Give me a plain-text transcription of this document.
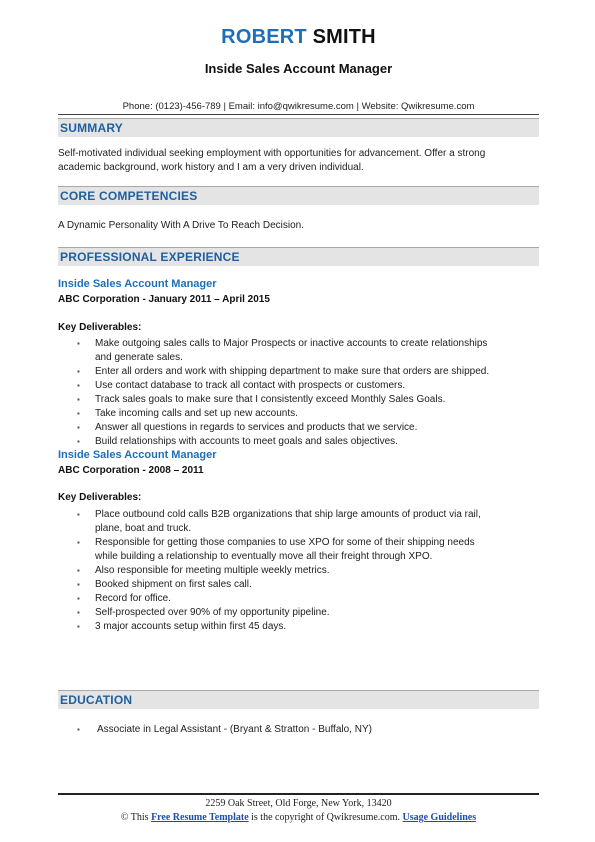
ROBERT SMITH
Inside Sales Account Manager
Phone: (0123)-456-789 | Email: info@qwikresume.com | Website: Qwikresume.com
SUMMARY
Self-motivated individual seeking employment with opportunities for advancement. Offer a strong
academic background, work history and I am a very driven individual.
CORE COMPETENCIES
A Dynamic Personality With A Drive To Reach Decision.
PROFESSIONAL EXPERIENCE
Inside Sales Account Manager
ABC Corporation - January 2011 – April 2015
Key Deliverables:
▪ Make outgoing sales calls to Major Prospects or inactive accounts to create relationships
and generate sales.
▪ Enter all orders and work with shipping department to make sure that orders are shipped.
▪ Use contact database to track all contact with prospects or customers.
▪ Track sales goals to make sure that I consistently exceed Monthly Sales Goals.
▪ Take incoming calls and set up new accounts.
▪ Answer all questions in regards to services and products that we service.
▪ Build relationships with accounts to meet goals and sales objectives.
Inside Sales Account Manager
ABC Corporation - 2008 – 2011
Key Deliverables:
▪ Place outbound cold calls B2B organizations that ship large amounts of product via rail,
plane, boat and truck.
▪ Responsible for getting those companies to use XPO for some of their shipping needs
while building a relationship to eventually move all their freight through XPO.
▪ Also responsible for meeting multiple weekly metrics.
▪ Booked shipment on first sales call.
▪ Record for office.
▪ Self-prospected over 90% of my opportunity pipeline.
▪ 3 major accounts setup within first 45 days.
EDUCATION
▪ Associate in Legal Assistant - (Bryant & Stratton - Buffalo, NY)
2259 Oak Street, Old Forge, New York, 13420
© This Free Resume Template is the copyright of Qwikresume.com. Usage Guidelines
